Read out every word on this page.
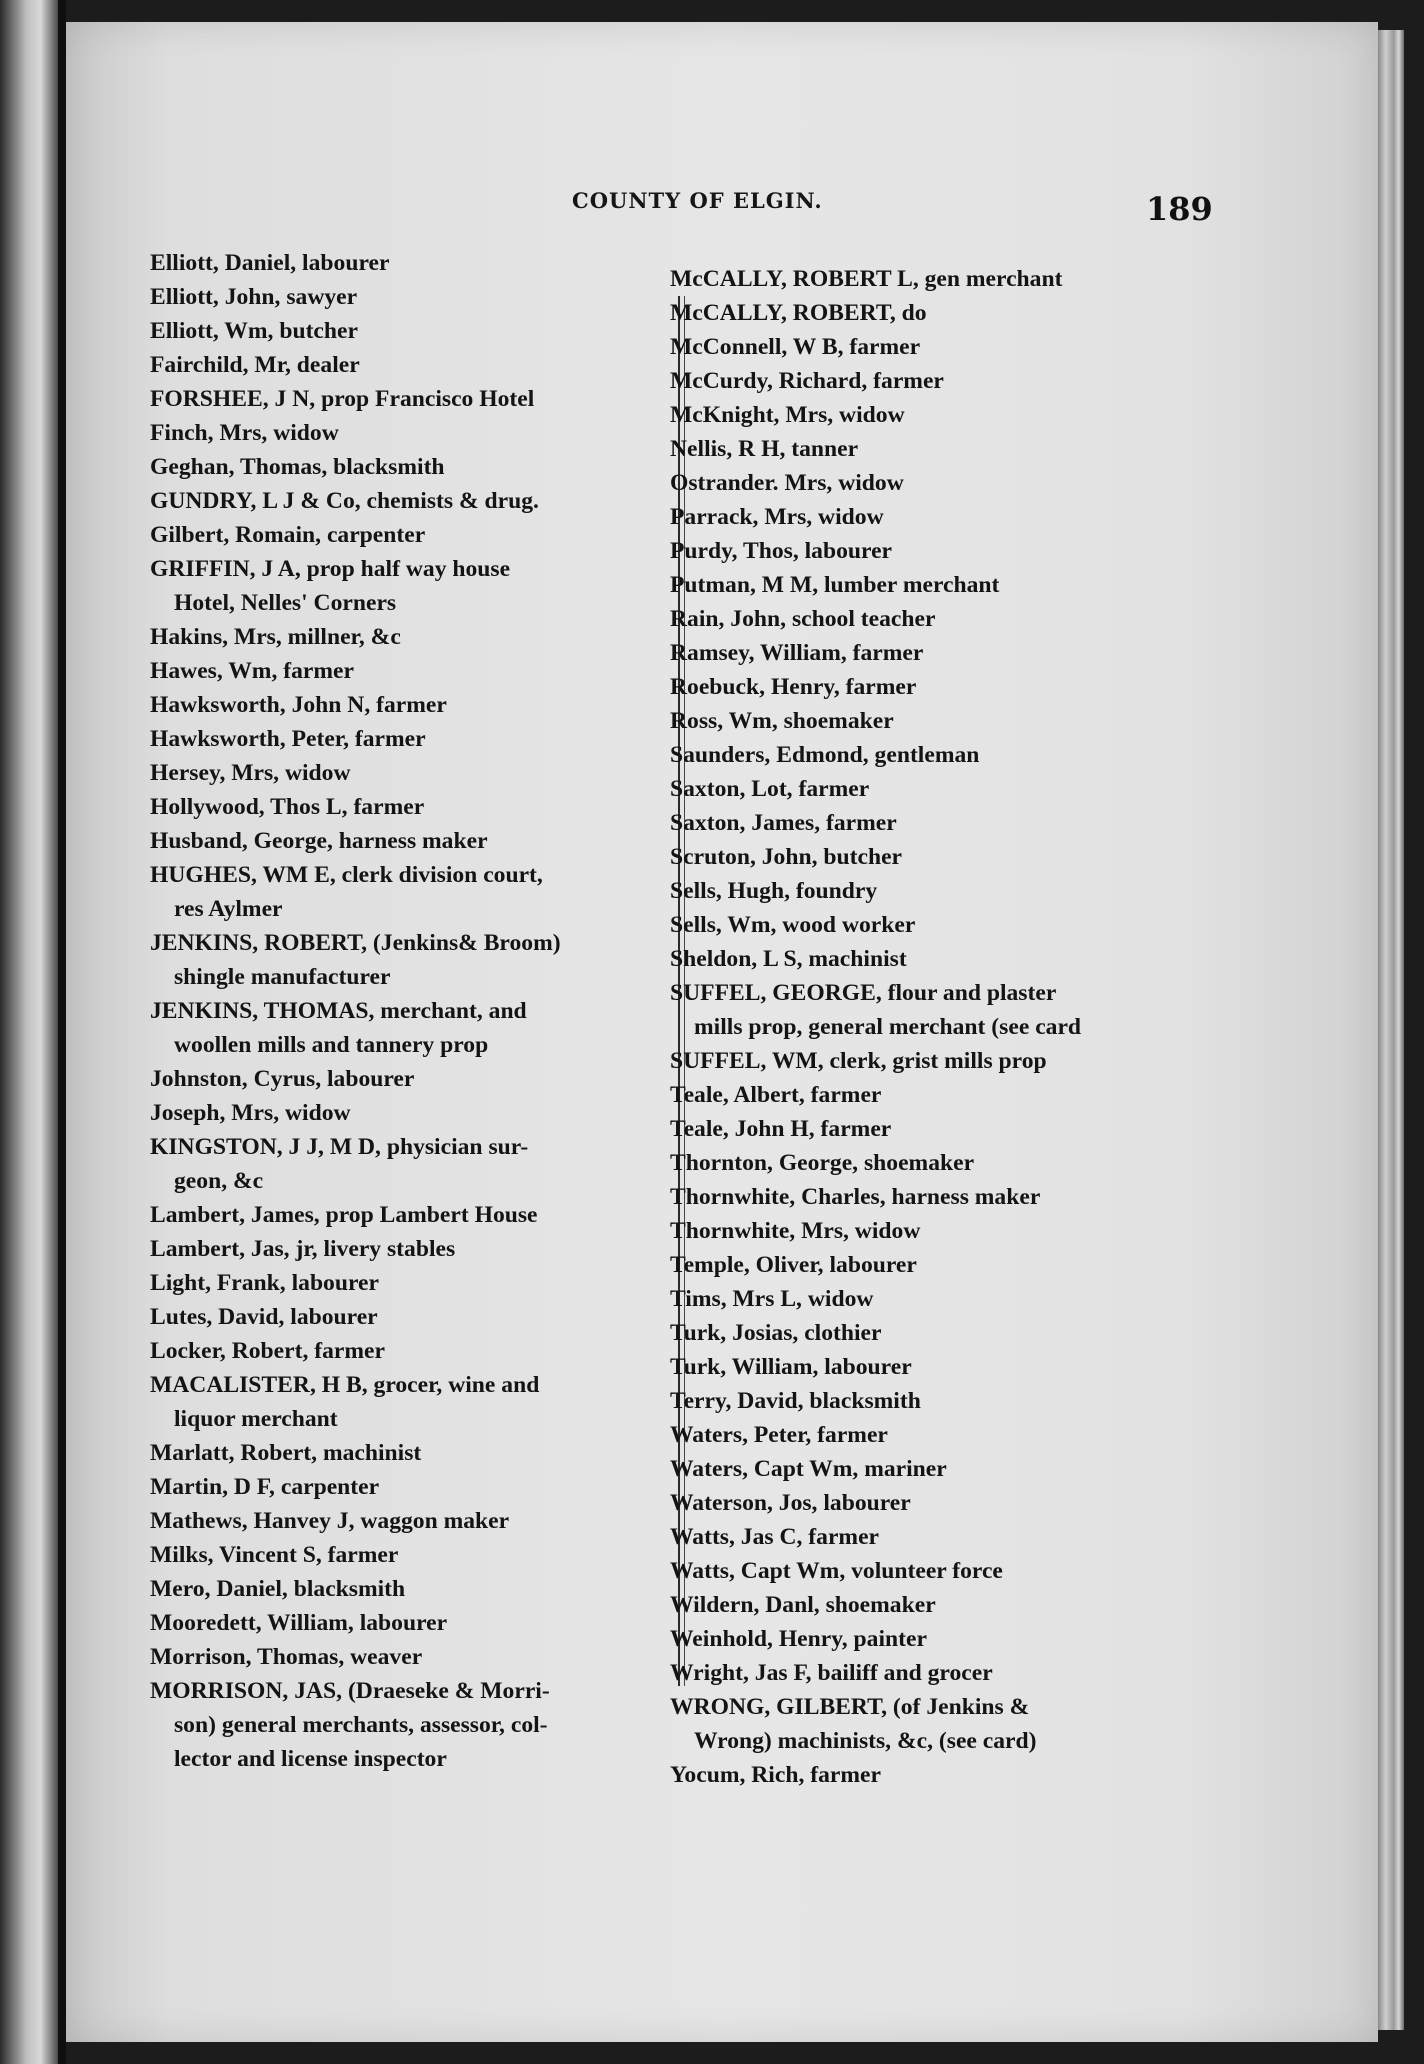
COUNTY OF ELGIN.	189
Elliott, Daniel, labourer
Elliott, John, sawyer
Elliott, Wm, butcher
Fairchild, Mr, dealer
FORSHEE, J N, prop Francisco Hotel
Finch, Mrs, widow
Geghan, Thomas, blacksmith
GUNDRY, L J & Co, chemists & drug.
Gilbert, Romain, carpenter
GRIFFIN, J A, prop half way house
Hotel, Nelles' Corners
Hakins, Mrs, millner, &c
Hawes, Wm, farmer
Hawksworth, John N, farmer
Hawksworth, Peter, farmer
Hersey, Mrs, widow
Hollywood, Thos L, farmer
Husband, George, harness maker
HUGHES, WM E, clerk division court,
res Aylmer
JENKINS, ROBERT, (Jenkins& Broom)
shingle manufacturer
JENKINS, THOMAS, merchant, and
woollen mills and tannery prop
Johnston, Cyrus, labourer
Joseph, Mrs, widow
KINGSTON, J J, M D, physician sur-
geon, &c
Lambert, James, prop Lambert House
Lambert, Jas, jr, livery stables
Light, Frank, labourer
Lutes, David, labourer
Locker, Robert, farmer
MACALISTER, H B, grocer, wine and
liquor merchant
Marlatt, Robert, machinist
Martin, D F, carpenter
Mathews, Hanvey J, waggon maker
Milks, Vincent S, farmer
Mero, Daniel, blacksmith
Mooredett, William, labourer
Morrison, Thomas, weaver
MORRISON, JAS, (Draeseke & Morri-
son) general merchants, assessor, col-
lector and license inspector
McCALLY, ROBERT L, gen merchant
McCALLY, ROBERT, do
McConnell, W B, farmer
McCurdy, Richard, farmer
McKnight, Mrs, widow
Nellis, R H, tanner
Ostrander. Mrs, widow
Parrack, Mrs, widow
Purdy, Thos, labourer
Putman, M M, lumber merchant
Rain, John, school teacher
Ramsey, William, farmer
Roebuck, Henry, farmer
Ross, Wm, shoemaker
Saunders, Edmond, gentleman
Saxton, Lot, farmer
Saxton, James, farmer
Scruton, John, butcher
Sells, Hugh, foundry
Sells, Wm, wood worker
Sheldon, L S, machinist
SUFFEL, GEORGE, flour and plaster
mills prop, general merchant (see card
SUFFEL, WM, clerk, grist mills prop
Teale, Albert, farmer
Teale, John H, farmer
Thornton, George, shoemaker
Thornwhite, Charles, harness maker
Thornwhite, Mrs, widow
Temple, Oliver, labourer
Tims, Mrs L, widow
Turk, Josias, clothier
Turk, William, labourer
Terry, David, blacksmith
Waters, Peter, farmer
Waters, Capt Wm, mariner
Waterson, Jos, labourer
Watts, Jas C, farmer
Watts, Capt Wm, volunteer force
Wildern, Danl, shoemaker
Weinhold, Henry, painter
Wright, Jas F, bailiff and grocer
WRONG, GILBERT, (of Jenkins &
Wrong) machinists, &c, (see card)
Yocum, Rich, farmer
